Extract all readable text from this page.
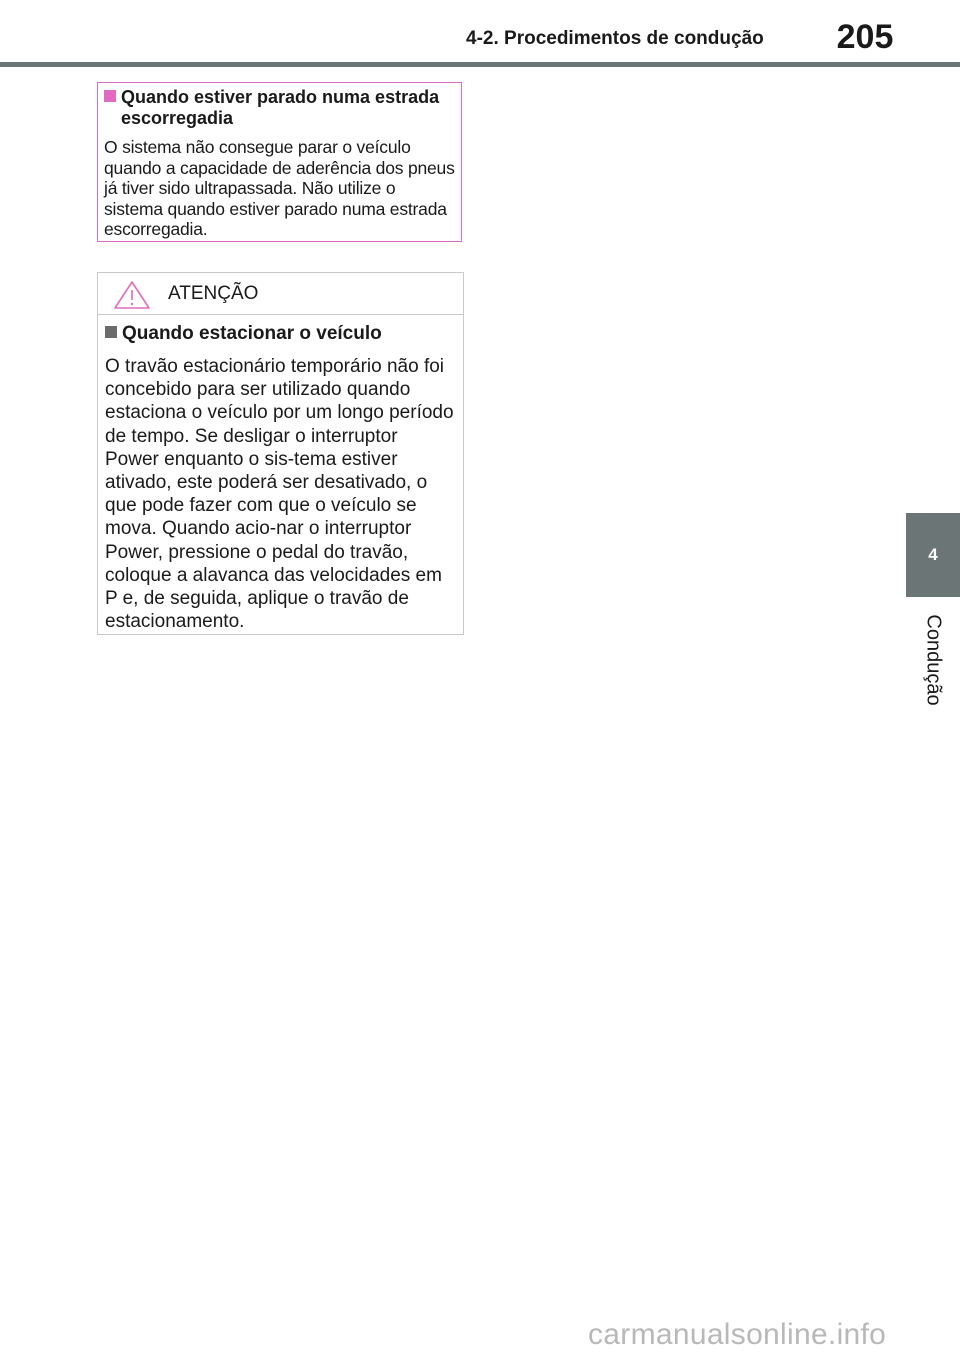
4-2. Procedimentos de condução	205
4
Condução
Quando estiver parado numa estrada escorregadia
O sistema não consegue parar o veículo quando a capacidade de aderência dos pneus já tiver sido ultrapassada. Não utilize o sistema quando estiver parado numa estrada escorregadia.
ATENÇÃO
Quando estacionar o veículo
O travão estacionário temporário não foi concebido para ser utilizado quando estaciona o veículo por um longo período de tempo. Se desligar o interruptor Power enquanto o sis-tema estiver ativado, este poderá ser desativado, o que pode fazer com que o veículo se mova. Quando acio-nar o interruptor Power, pressione o pedal do travão, coloque a alavanca das velocidades em P e, de seguida, aplique o travão de estacionamento.
carmanualsonline.info
